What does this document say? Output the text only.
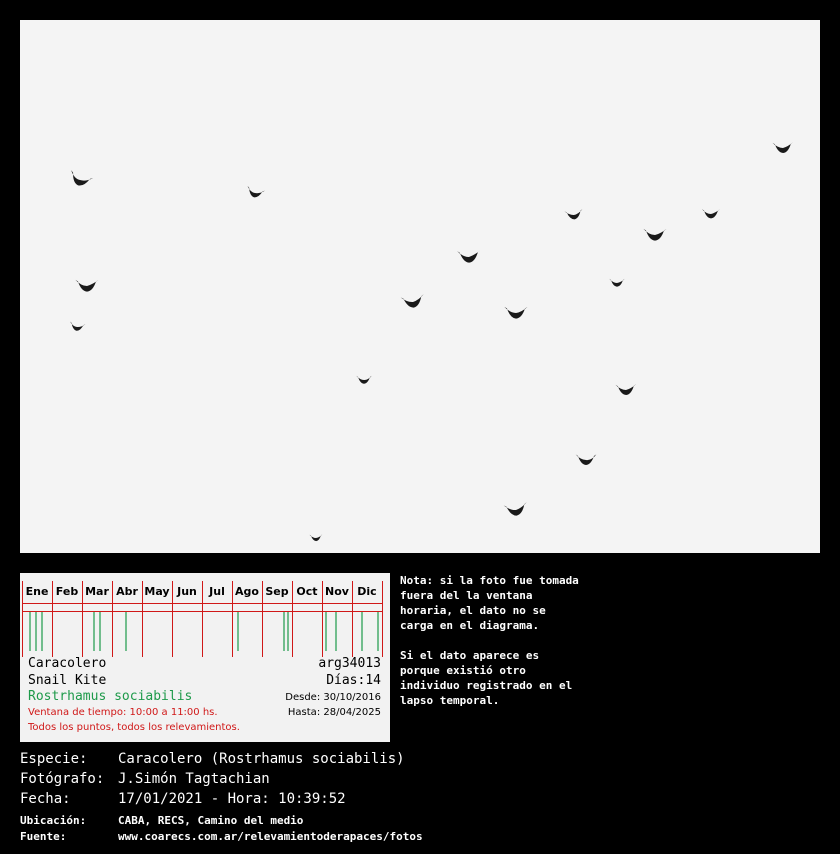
Ene Feb Mar Abr May Jun	Jul Ago Sep Oct Nov Dic
Caracolero	arg34013
Snail Kite	Días:14
Rostrhamus sociabilis	Desde: 30/10/2016
Ventana de tiempo: 10:00 a 11:00 hs.	Hasta: 28/04/2025
Todos los puntos, todos los relevamientos.

Nota: si la foto fue tomada fuera del la ventana horaria, el dato no se carga en el diagrama.

Si el dato aparece es porque existió otro individuo registrado en el lapso temporal.

Especie: Caracolero (Rostrhamus sociabilis)
Fotógrafo: J.Simón Tagtachian
Fecha:	17/01/2021 - Hora: 10:39:52
Ubicación:	CABA, RECS, Camino del medio
Fuente:	www.coarecs.com.ar/relevamientoderapaces/fotos
